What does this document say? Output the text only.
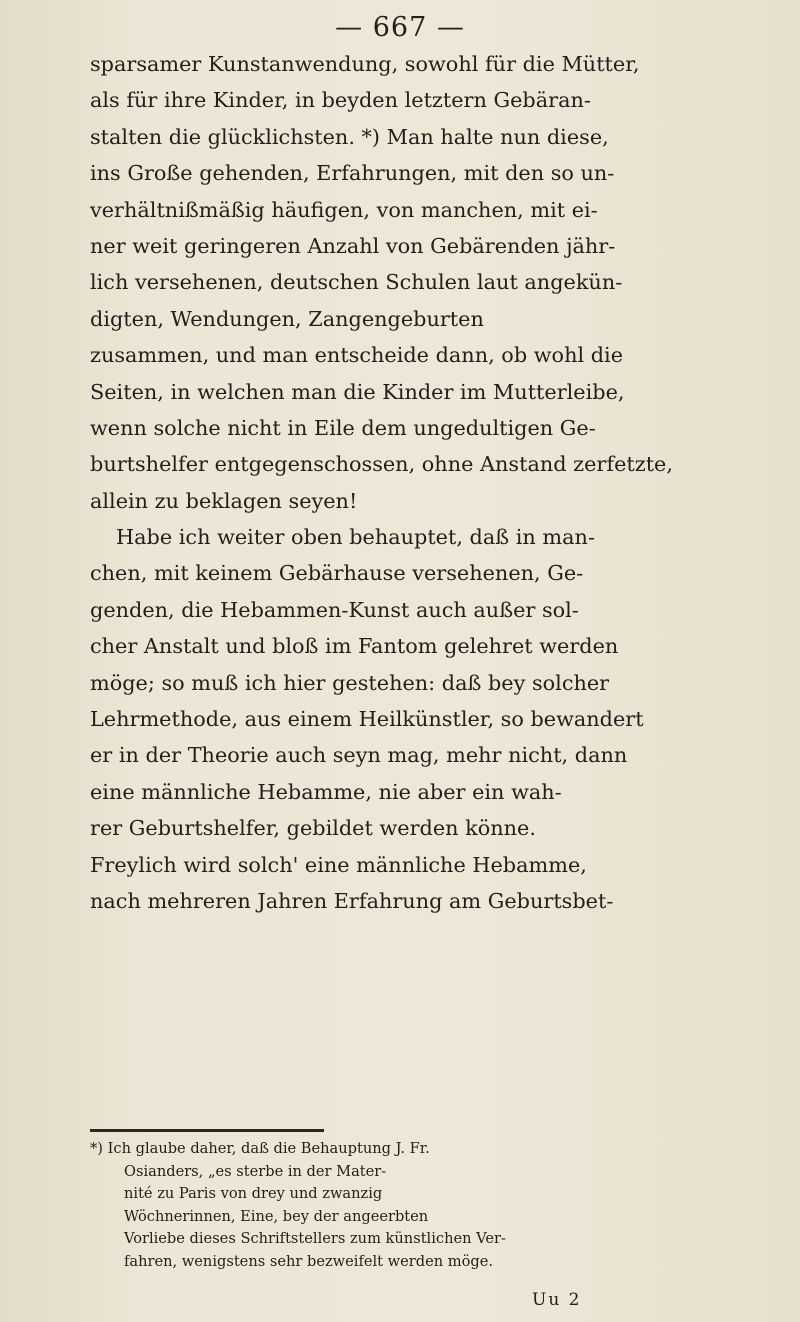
— 667 —
sparsamer Kunstanwendung, sowohl für die Mütter,
als für ihre Kinder, in beyden letztern Gebäran-
stalten die glücklichsten. *) Man halte nun diese,
ins Große gehenden, Erfahrungen, mit den so un-
verhältnißmäßig häufigen, von manchen, mit ei-
ner weit geringeren Anzahl von Gebärenden jähr-
lich versehenen, deutschen Schulen laut angekün-
digten, Wendungen, Zangengeburten
zusammen, und man entscheide dann, ob wohl die
Seiten, in welchen man die Kinder im Mutterleibe,
wenn solche nicht in Eile dem ungedultigen Ge-
burtshelfer entgegenschossen, ohne Anstand zerfetzte,
allein zu beklagen seyen!
Habe ich weiter oben behauptet, daß in man-
chen, mit keinem Gebärhause versehenen, Ge-
genden, die Hebammen-Kunst auch außer sol-
cher Anstalt und bloß im Fantom gelehret werden
möge; so muß ich hier gestehen: daß bey solcher
Lehrmethode, aus einem Heilkünstler, so bewandert
er in der Theorie auch seyn mag, mehr nicht, dann
eine männliche Hebamme, nie aber ein wah-
rer Geburtshelfer, gebildet werden könne.
Freylich wird solch' eine männliche Hebamme,
nach mehreren Jahren Erfahrung am Geburtsbet-
*) Ich glaube daher, daß die Behauptung J. Fr.
Osianders, „es sterbe in der Mater-
nité zu Paris von drey und zwanzig
Wöchnerinnen, Eine, bey der angeerbten
Vorliebe dieses Schriftstellers zum künstlichen Ver-
fahren, wenigstens sehr bezweifelt werden möge.
Uu 2
